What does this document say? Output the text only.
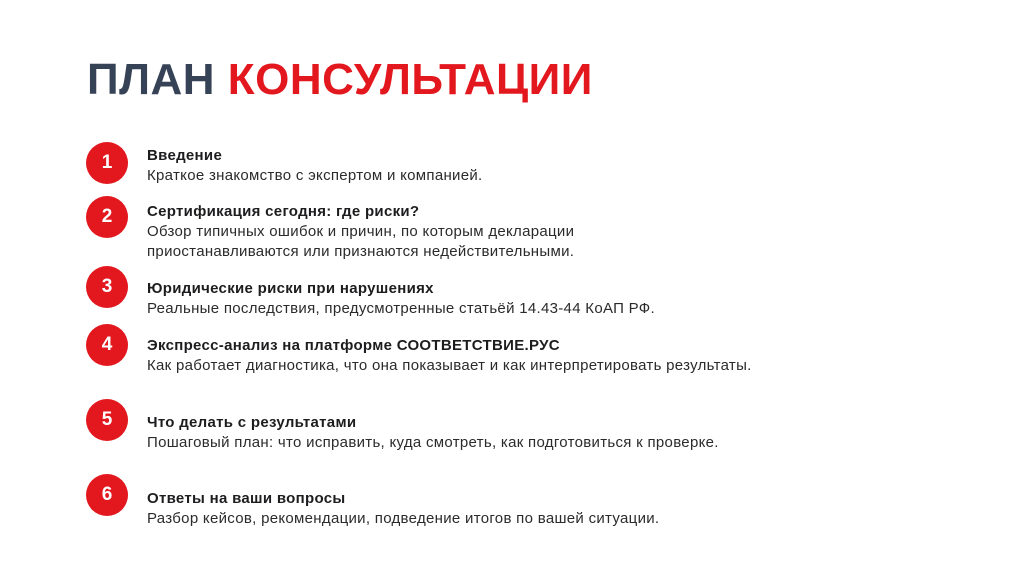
ПЛАН КОНСУЛЬТАЦИИ
1	Введение
Краткое знакомство с экспертом и компанией.
2	Сертификация сегодня: где риски?
Обзор типичных ошибок и причин, по которым декларации приостанавливаются или признаются недействительными.
3	Юридические риски при нарушениях
Реальные последствия, предусмотренные статьёй 14.43-44 КоАП РФ.
4	Экспресс-анализ на платформе СООТВЕТСТВИЕ.РУС
Как работает диагностика, что она показывает и как интерпретировать результаты.
5	Что делать с результатами
Пошаговый план: что исправить, куда смотреть, как подготовиться к проверке.
6	Ответы на ваши вопросы
Разбор кейсов, рекомендации, подведение итогов по вашей ситуации.
